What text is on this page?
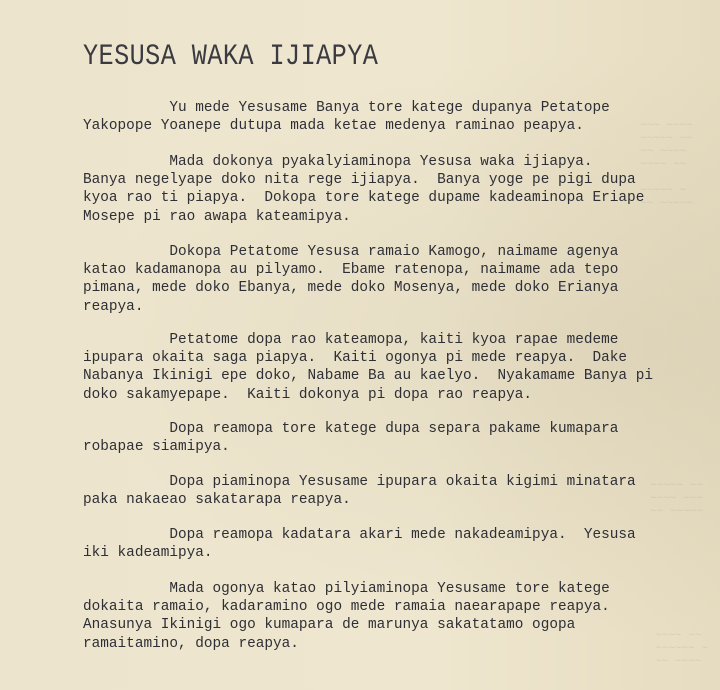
~~~ ~~~~
~~~~~ ~~
~~ ~~~~
~~~~ ~~

~~~~~ ~
~~ ~~~~~
~~~~~ ~~
~~~~ ~~~
~~ ~~~~~
~~~~ ~~
~~~~~~ ~
~~ ~~~~
YESUSA WAKA IJIAPYA

Yu mede Yesusame Banya tore katege dupanya Petatope
Yakopope Yoanepe dutupa mada ketae medenya raminao peapya.

Mada dokonya pyakalyiaminopa Yesusa waka ijiapya.
Banya negelyape doko nita rege ijiapya.  Banya yoge pe pigi dupa
kyoa rao ti piapya.  Dokopa tore katege dupame kadeaminopa Eriape
Mosepe pi rao awapa kateamipya.

Dokopa Petatome Yesusa ramaio Kamogo, naimame agenya
katao kadamanopa au pilyamo.  Ebame ratenopa, naimame ada tepo
pimana, mede doko Ebanya, mede doko Mosenya, mede doko Erianya
reapya.

Petatome dopa rao kateamopa, kaiti kyoa rapae medeme
ipupara okaita saga piapya.  Kaiti ogonya pi mede reapya.  Dake
Nabanya Ikinigi epe doko, Nabame Ba au kaelyo.  Nyakamame Banya pi
doko sakamyepape.  Kaiti dokonya pi dopa rao reapya.

Dopa reamopa tore katege dupa separa pakame kumapara
robapae siamipya.

Dopa piaminopa Yesusame ipupara okaita kigimi minatara
paka nakaeao sakatarapa reapya.

Dopa reamopa kadatara akari mede nakadeamipya.  Yesusa
iki kadeamipya.

Mada ogonya katao pilyiaminopa Yesusame tore katege
dokaita ramaio, kadaramino ogo mede ramaia naearapape reapya.
Anasunya Ikinigi ogo kumapara de marunya sakatatamo ogopa
ramaitamino, dopa reapya.
